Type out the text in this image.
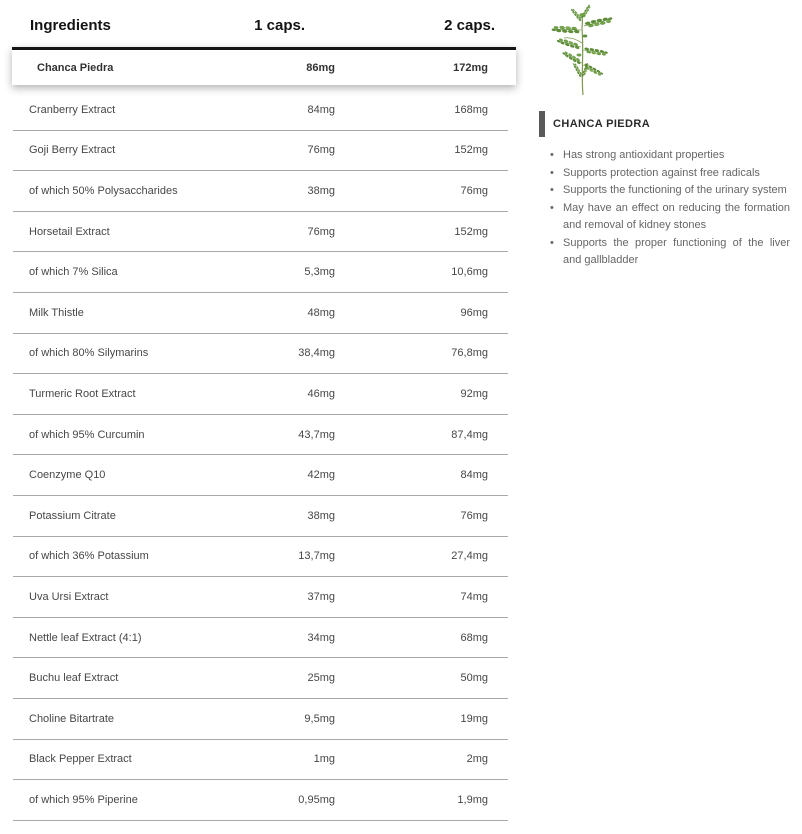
Ingredients	1 caps.	2 caps.
Chanca Piedra	86mg	172mg
Cranberry Extract	84mg	168mg
Goji Berry Extract	76mg	152mg
of which 50% Polysaccharides	38mg	76mg
Horsetail Extract	76mg	152mg
of which 7% Silica	5,3mg	10,6mg
Milk Thistle	48mg	96mg
of which 80% Silymarins	38,4mg	76,8mg
Turmeric Root Extract	46mg	92mg
of which 95% Curcumin	43,7mg	87,4mg
Coenzyme Q10	42mg	84mg
Potassium Citrate	38mg	76mg
of which 36% Potassium	13,7mg	27,4mg
Uva Ursi Extract	37mg	74mg
Nettle leaf Extract (4:1)	34mg	68mg
Buchu leaf Extract	25mg	50mg
Choline Bitartrate	9,5mg	19mg
Black Pepper Extract	1mg	2mg
of which 95% Piperine	0,95mg	1,9mg
CHANCA PIEDRA
• Has strong antioxidant properties
• Supports protection against free radicals
• Supports the functioning of the urinary system
• May have an effect on reducing the formation and removal of kidney stones
• Supports the proper functioning of the liver and gallbladder
